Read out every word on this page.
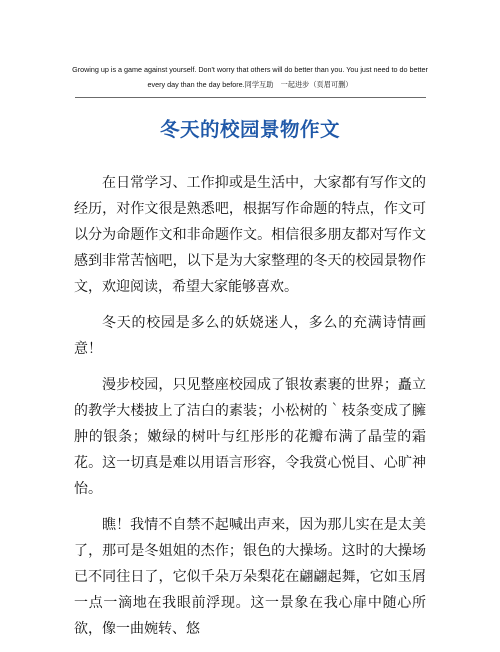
Growing up is a game against yourself. Don't worry that others will do better than you. You just need to do better every day than the day before.同学互助　一起进步（页眉可删）
冬天的校园景物作文

在日常学习、工作抑或是生活中，大家都有写作文的经历，对作文很是熟悉吧，根据写作命题的特点，作文可以分为命题作文和非命题作文。相信很多朋友都对写作文感到非常苦恼吧，以下是为大家整理的冬天的校园景物作文，欢迎阅读，希望大家能够喜欢。

冬天的校园是多么的妖娆迷人，多么的充满诗情画意！

漫步校园，只见整座校园成了银妆素裹的世界；矗立的教学大楼披上了洁白的素装；小松树的｀枝条变成了臃肿的银条；嫩绿的树叶与红彤彤的花瓣布满了晶莹的霜花。这一切真是难以用语言形容，令我赏心悦目、心旷神怡。

瞧！我情不自禁不起喊出声来，因为那儿实在是太美了，那可是冬姐姐的杰作；银色的大操场。这时的大操场已不同往日了，它似千朵万朵梨花在翩翩起舞，它如玉屑一点一滴地在我眼前浮现。这一景象在我心扉中随心所欲，像一曲婉转、悠
